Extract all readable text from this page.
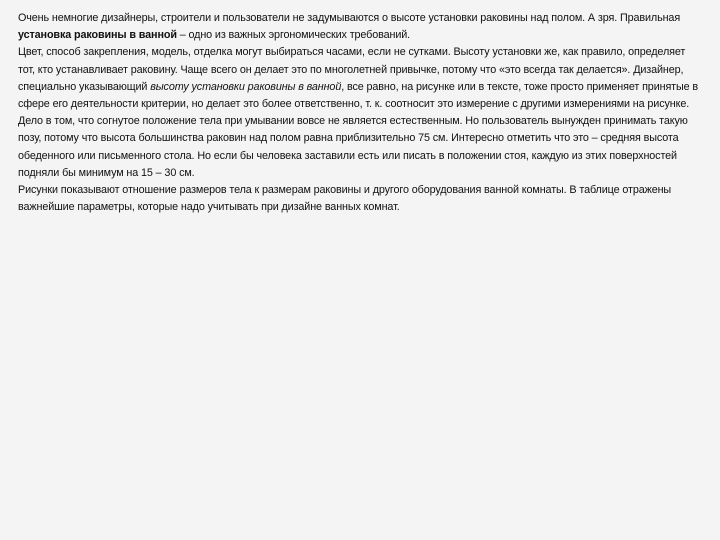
Очень немногие дизайнеры, строители и пользователи не задумываются о высоте установки раковины над полом. А зря. Правильная установка раковины в ванной – одно из важных эргономических требований.

Цвет, способ закрепления, модель, отделка могут выбираться часами, если не сутками. Высоту установки же, как правило, определяет тот, кто устанавливает раковину. Чаще всего он делает это по многолетней привычке, потому что «это всегда так делается». Дизайнер, специально указывающий высоту установки раковины в ванной, все равно, на рисунке или в тексте, тоже просто применяет принятые в сфере его деятельности критерии, но делает это более ответственно, т. к. соотносит это измерение с другими измерениями на рисунке.

Дело в том, что согнутое положение тела при умывании вовсе не является естественным. Но пользователь вынужден принимать такую позу, потому что высота большинства раковин над полом равна приблизительно 75 см. Интересно отметить что это – средняя высота обеденного или письменного стола. Но если бы человека заставили есть или писать в положении стоя, каждую из этих поверхностей подняли бы минимум на 15 – 30 см.

Рисунки показывают отношение размеров тела к размерам раковины и другого оборудования ванной комнаты. В таблице отражены важнейшие параметры, которые надо учитывать при дизайне ванных комнат.
